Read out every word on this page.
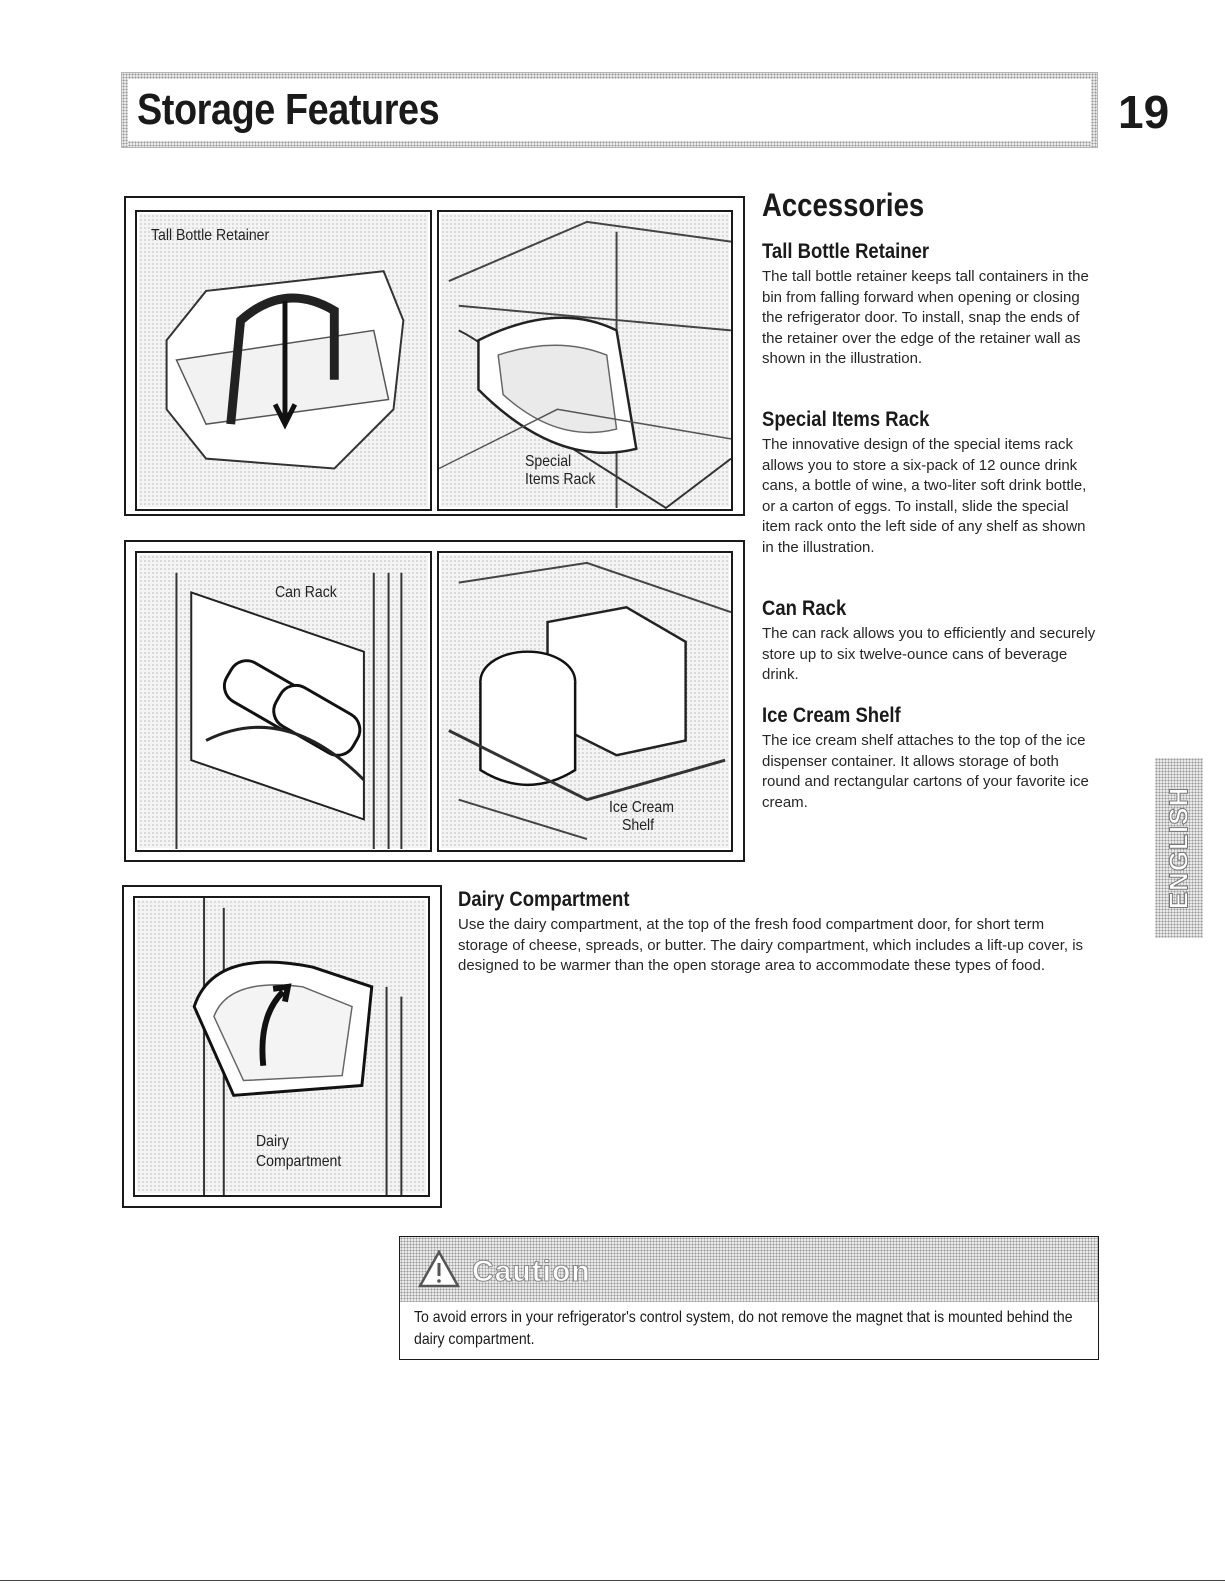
Storage Features	19
Tall Bottle Retainer
Special
Items Rack
Can Rack
Ice Cream
Shelf
Dairy
Compartment
Accessories
Tall Bottle Retainer

The tall bottle retainer keeps tall containers in the bin from falling forward when opening or closing the refrigerator door. To install, snap the ends of the retainer over the edge of the retainer wall as shown in the illustration.

Special Items Rack

The innovative design of the special items rack allows you to store a six-pack of 12 ounce drink cans, a bottle of wine, a two-liter soft drink bottle, or a carton of eggs. To install, slide the special item rack onto the left side of any shelf as shown in the illustration.

Can Rack

The can rack allows you to efficiently and securely store up to six twelve-ounce cans of beverage drink.

Ice Cream Shelf

The ice cream shelf attaches to the top of the ice dispenser container. It allows storage of both round and rectangular cartons of your favorite ice cream.

Dairy Compartment

Use the dairy compartment, at the top of the fresh food compartment door, for short term storage of cheese, spreads, or butter. The dairy compartment, which includes a lift-up cover, is designed to be warmer than the open storage area to accommodate these types of food.

ENGLISH
Caution

To avoid errors in your refrigerator's control system, do not remove the magnet that is mounted behind the dairy compartment.
